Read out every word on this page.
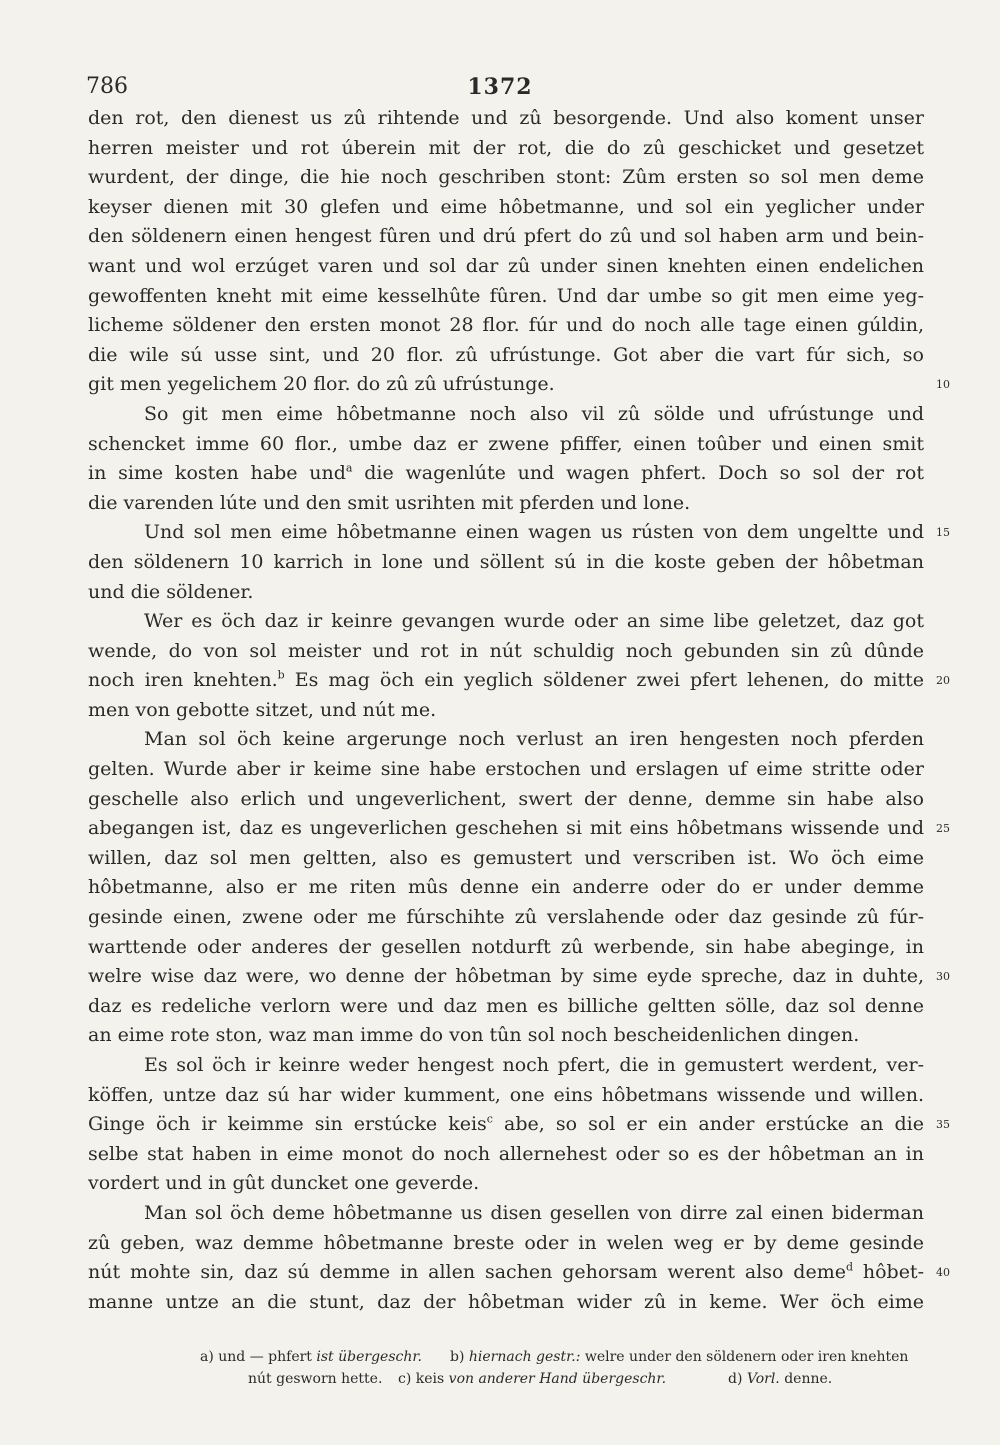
786	1372
den rot, den dienest us zû rihtende und zû besorgende. Und also koment unser
herren meister und rot úberein mit der rot, die do zû geschicket und gesetzet
wurdent, der dinge, die hie noch geschriben stont: Zûm ersten so sol men deme
keyser dienen mit 30 glefen und eime hôbetmanne, und sol ein yeglicher under
den söldenern einen hengest fûren und drú pfert do zû und sol haben arm und bein-
want und wol erzúget varen und sol dar zû under sinen knehten einen endelichen
gewoffenten kneht mit eime kesselhûte fûren. Und dar umbe so git men eime yeg-
licheme söldener den ersten monot 28 flor. fúr und do noch alle tage einen gúldin,
die wile sú usse sint, und 20 flor. zû ufrústunge. Got aber die vart fúr sich, so
git men yegelichem 20 flor. do zû zû ufrústunge.
So git men eime hôbetmanne noch also vil zû sölde und ufrústunge und
schencket imme 60 flor., umbe daz er zwene pfiffer, einen toûber und einen smit
in sime kosten habe und$^a$ die wagenlúte und wagen phfert. Doch so sol der rot
die varenden lúte und den smit usrihten mit pferden und lone.
Und sol men eime hôbetmanne einen wagen us rústen von dem ungeltte und
den söldenern 10 karrich in lone und söllent sú in die koste geben der hôbetman
und die söldener.
Wer es öch daz ir keinre gevangen wurde oder an sime libe geletzet, daz got
wende, do von sol meister und rot in nút schuldig noch gebunden sin zû dûnde
noch iren knehten.$^b$ Es mag öch ein yeglich söldener zwei pfert lehenen, do mitte
men von gebotte sitzet, und nút me.
Man sol öch keine argerunge noch verlust an iren hengesten noch pferden
gelten. Wurde aber ir keime sine habe erstochen und erslagen uf eime stritte oder
geschelle also erlich und ungeverlichent, swert der denne, demme sin habe also
abegangen ist, daz es ungeverlichen geschehen si mit eins hôbetmans wissende und
willen, daz sol men geltten, also es gemustert und verscriben ist. Wo öch eime
hôbetmanne, also er me riten mûs denne ein anderre oder do er under demme
gesinde einen, zwene oder me fúrschihte zû verslahende oder daz gesinde zû fúr-
warttende oder anderes der gesellen notdurft zû werbende, sin habe abeginge, in
welre wise daz were, wo denne der hôbetman by sime eyde spreche, daz in duhte,
daz es redeliche verlorn were und daz men es billiche geltten sölle, daz sol denne
an eime rote ston, waz man imme do von tûn sol noch bescheidenlichen dingen.
Es sol öch ir keinre weder hengest noch pfert, die in gemustert werdent, ver-
köffen, untze daz sú har wider kumment, one eins hôbetmans wissende und willen.
Ginge öch ir keimme sin erstúcke keis$^c$ abe, so sol er ein ander erstúcke an die
selbe stat haben in eime monot do noch allernehest oder so es der hôbetman an in
vordert und in gût duncket one geverde.
Man sol öch deme hôbetmanne us disen gesellen von dirre zal einen biderman
zû geben, waz demme hôbetmanne breste oder in welen weg er by deme gesinde
nút mohte sin, daz sú demme in allen sachen gehorsam werent also deme$^d$ hôbet-
manne untze an die stunt, daz der hôbetman wider zû in keme. Wer öch eime
10
15
20
25
30
35
40
a) und — phfert ist übergeschr. b) hiernach gestr.: welre under den söldenern oder iren knehten
nút gesworn hette. c) keis von anderer Hand übergeschr.	d) Vorl. denne.
